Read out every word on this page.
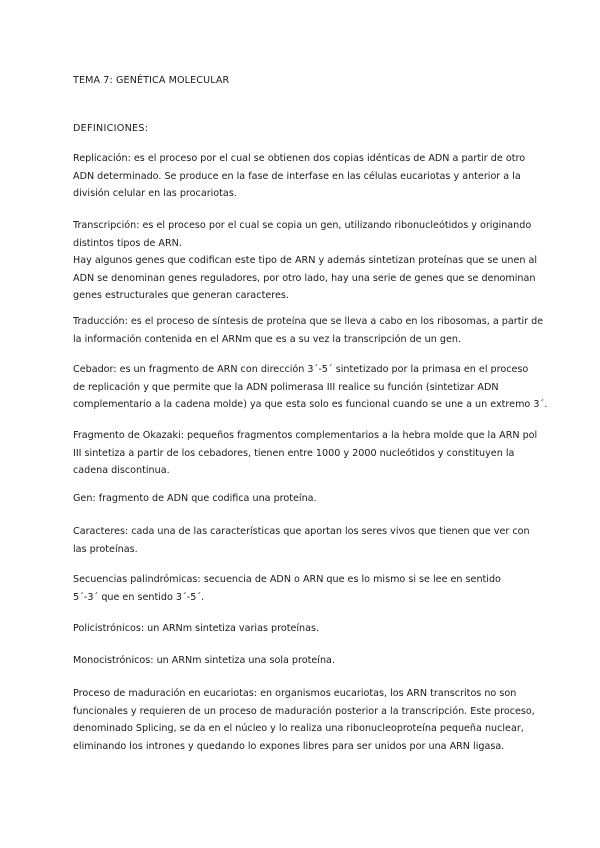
TEMA 7: GENÉTICA MOLECULAR
DEFINICIONES:
Replicación: es el proceso por el cual se obtienen dos copias idénticas de ADN a partir de otro
ADN determinado. Se produce en la fase de interfase en las células eucariotas y anterior a la
división celular en las procariotas.
Transcripción: es el proceso por el cual se copia un gen, utilizando ribonucleótidos y originando
distintos tipos de ARN.
Hay algunos genes que codifican este tipo de ARN y además sintetizan proteínas que se unen al
ADN se denominan genes reguladores, por otro lado, hay una serie de genes que se denominan
genes estructurales que generan caracteres.
Traducción: es el proceso de síntesis de proteína que se lleva a cabo en los ribosomas, a partir de
la información contenida en el ARNm que es a su vez la transcripción de un gen.
Cebador: es un fragmento de ARN con dirección 3´-5´ sintetizado por la primasa en el proceso
de replicación y que permite que la ADN polimerasa III realice su función (sintetizar ADN
complementario a la cadena molde) ya que esta solo es funcional cuando se une a un extremo 3´.
Fragmento de Okazaki: pequeños fragmentos complementarios a la hebra molde que la ARN pol
III sintetiza a partir de los cebadores, tienen entre 1000 y 2000 nucleótidos y constituyen la
cadena discontinua.
Gen: fragmento de ADN que codifica una proteína.
Caracteres: cada una de las características que aportan los seres vivos que tienen que ver con
las proteínas.
Secuencias palindrómicas: secuencia de ADN o ARN que es lo mismo si se lee en sentido
5´-3´ que en sentido 3´-5´.
Policistrónicos: un ARNm sintetiza varias proteínas.
Monocistrónicos: un ARNm sintetiza una sola proteína.
Proceso de maduración en eucariotas: en organismos eucariotas, los ARN transcritos no son
funcionales y requieren de un proceso de maduración posterior a la transcripción. Este proceso,
denominado Splicing, se da en el núcleo y lo realiza una ribonucleoproteína pequeña nuclear,
eliminando los intrones y quedando lo expones libres para ser unidos por una ARN ligasa.
